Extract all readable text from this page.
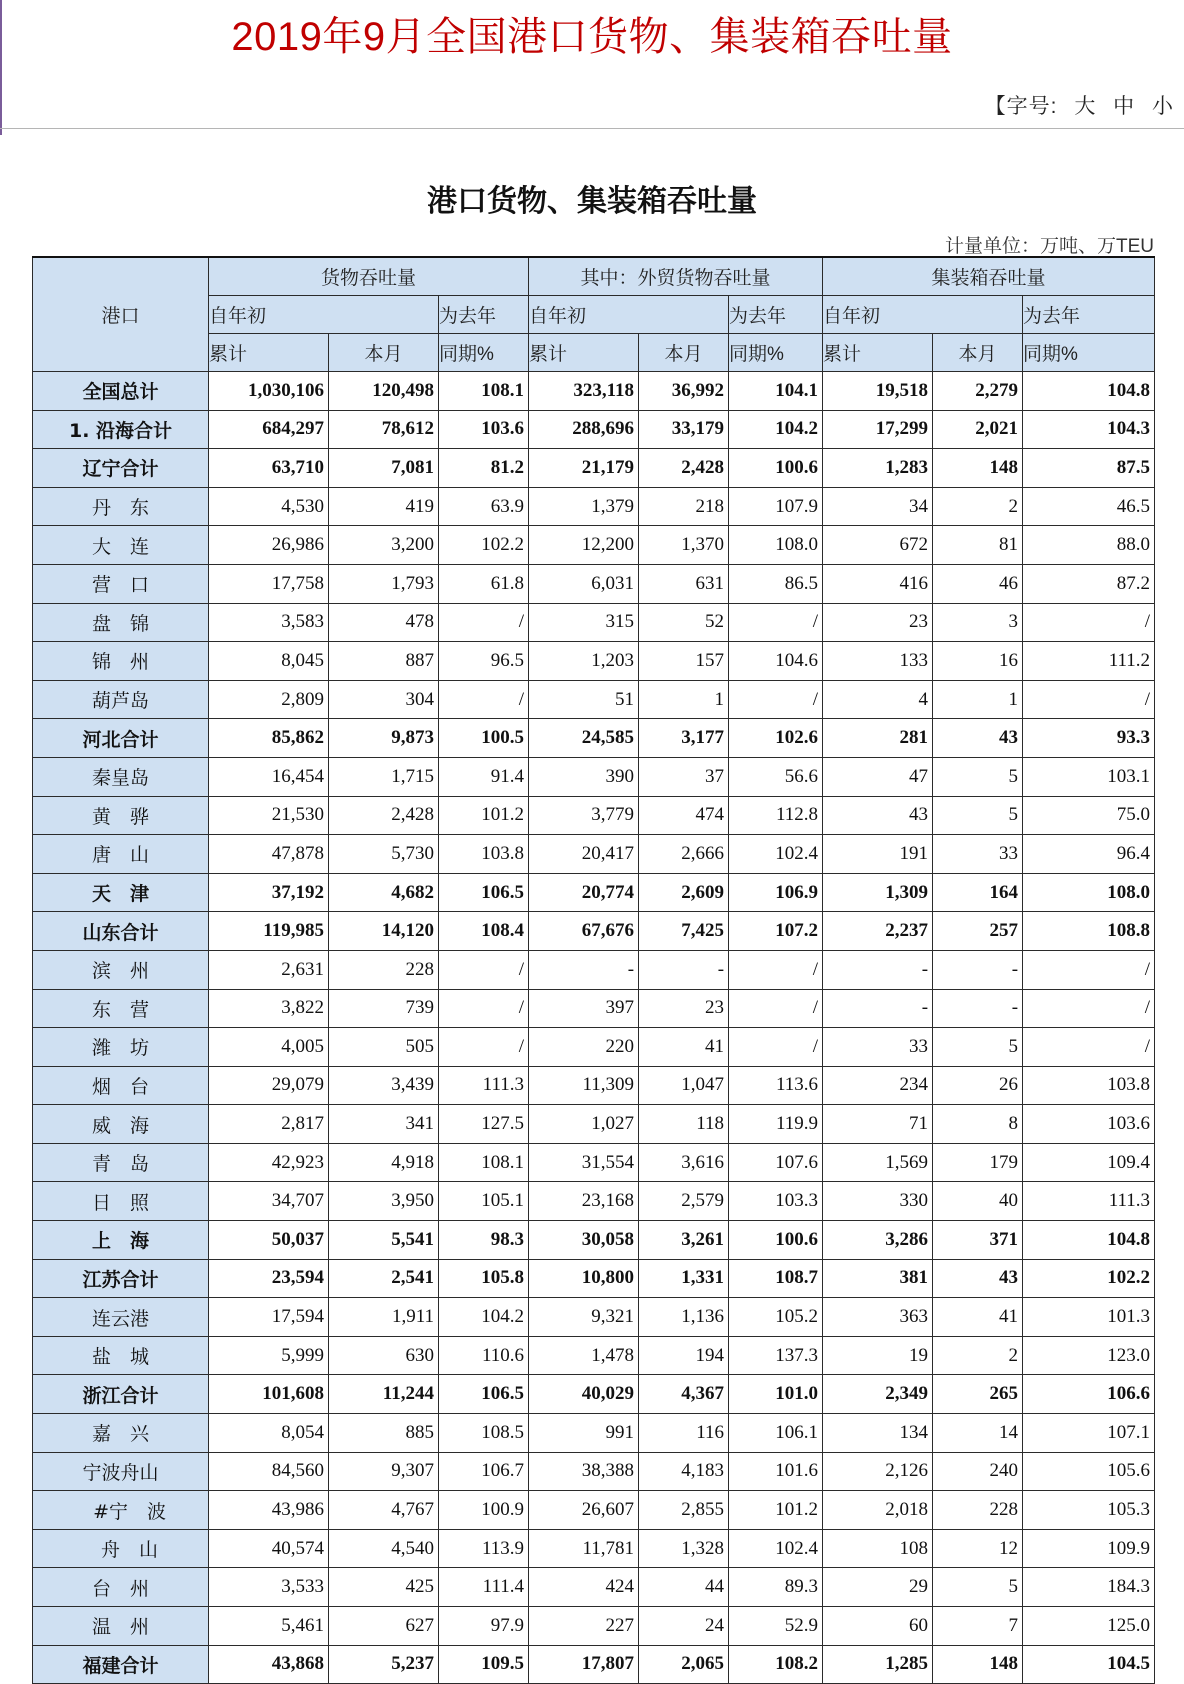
2019年9月全国港口货物、集装箱吞吐量
【字号: 大 中 小
港口货物、集装箱吞吐量
计量单位：万吨、万TEU
港口	货物吞吐量			其中：外贸货物吞吐量			集装箱吞吐量		
	自年初		为去年	自年初		为去年	自年初		为去年
	累计	本月	同期%	累计	本月	同期%	累计	本月	同期%
全国总计	1,030,106	120,498	108.1	323,118	36,992	104.1	19,518	2,279	104.8
1. 沿海合计	684,297	78,612	103.6	288,696	33,179	104.2	17,299	2,021	104.3
辽宁合计	63,710	7,081	81.2	21,179	2,428	100.6	1,283	148	87.5
丹　东	4,530	419	63.9	1,379	218	107.9	34	2	46.5
大　连	26,986	3,200	102.2	12,200	1,370	108.0	672	81	88.0
营　口	17,758	1,793	61.8	6,031	631	86.5	416	46	87.2
盘　锦	3,583	478	/	315	52	/	23	3	/
锦　州	8,045	887	96.5	1,203	157	104.6	133	16	111.2
葫芦岛	2,809	304	/	51	1	/	4	1	/
河北合计	85,862	9,873	100.5	24,585	3,177	102.6	281	43	93.3
秦皇岛	16,454	1,715	91.4	390	37	56.6	47	5	103.1
黄　骅	21,530	2,428	101.2	3,779	474	112.8	43	5	75.0
唐　山	47,878	5,730	103.8	20,417	2,666	102.4	191	33	96.4
天　津	37,192	4,682	106.5	20,774	2,609	106.9	1,309	164	108.0
山东合计	119,985	14,120	108.4	67,676	7,425	107.2	2,237	257	108.8
滨　州	2,631	228	/	-	-	/	-	-	/
东　营	3,822	739	/	397	23	/	-	-	/
潍　坊	4,005	505	/	220	41	/	33	5	/
烟　台	29,079	3,439	111.3	11,309	1,047	113.6	234	26	103.8
威　海	2,817	341	127.5	1,027	118	119.9	71	8	103.6
青　岛	42,923	4,918	108.1	31,554	3,616	107.6	1,569	179	109.4
日　照	34,707	3,950	105.1	23,168	2,579	103.3	330	40	111.3
上　海	50,037	5,541	98.3	30,058	3,261	100.6	3,286	371	104.8
江苏合计	23,594	2,541	105.8	10,800	1,331	108.7	381	43	102.2
连云港	17,594	1,911	104.2	9,321	1,136	105.2	363	41	101.3
盐　城	5,999	630	110.6	1,478	194	137.3	19	2	123.0
浙江合计	101,608	11,244	106.5	40,029	4,367	101.0	2,349	265	106.6
嘉　兴	8,054	885	108.5	991	116	106.1	134	14	107.1
宁波舟山	84,560	9,307	106.7	38,388	4,183	101.6	2,126	240	105.6
#宁　波	43,986	4,767	100.9	26,607	2,855	101.2	2,018	228	105.3
舟　山	40,574	4,540	113.9	11,781	1,328	102.4	108	12	109.9
台　州	3,533	425	111.4	424	44	89.3	29	5	184.3
温　州	5,461	627	97.9	227	24	52.9	60	7	125.0
福建合计	43,868	5,237	109.5	17,807	2,065	108.2	1,285	148	104.5
